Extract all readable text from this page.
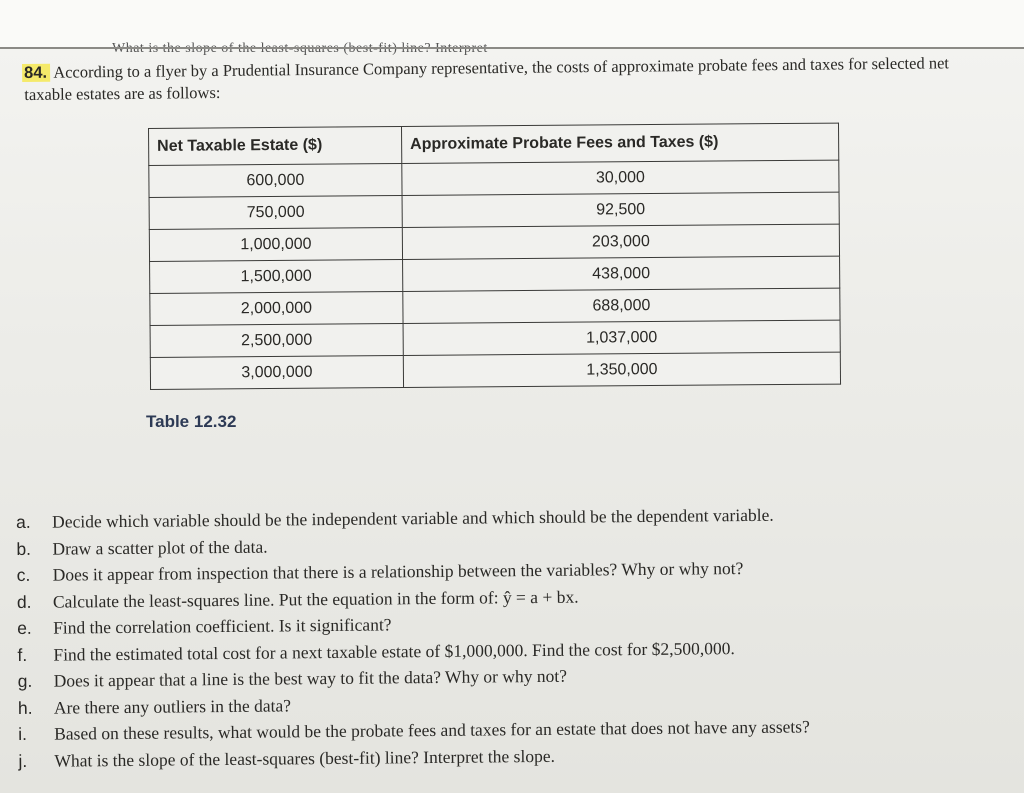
84. According to a flyer by a Prudential Insurance Company representative, the costs of approximate probate fees and taxes for selected net taxable estates are as follows:
Net Taxable Estate ($)	Approximate Probate Fees and Taxes ($)
600,000	30,000
750,000	92,500
1,000,000	203,000
1,500,000	438,000
2,000,000	688,000
2,500,000	1,037,000
3,000,000	1,350,000
Table 12.32
a.	Decide which variable should be the independent variable and which should be the dependent variable.
b.	Draw a scatter plot of the data.
c.	Does it appear from inspection that there is a relationship between the variables? Why or why not?
d.	Calculate the least-squares line. Put the equation in the form of: ŷ = a + bx.
e.	Find the correlation coefficient. Is it significant?
f.	Find the estimated total cost for a next taxable estate of $1,000,000. Find the cost for $2,500,000.
g.	Does it appear that a line is the best way to fit the data? Why or why not?
h.	Are there any outliers in the data?
i.	Based on these results, what would be the probate fees and taxes for an estate that does not have any assets?
j.	What is the slope of the least-squares (best-fit) line? Interpret the slope.
